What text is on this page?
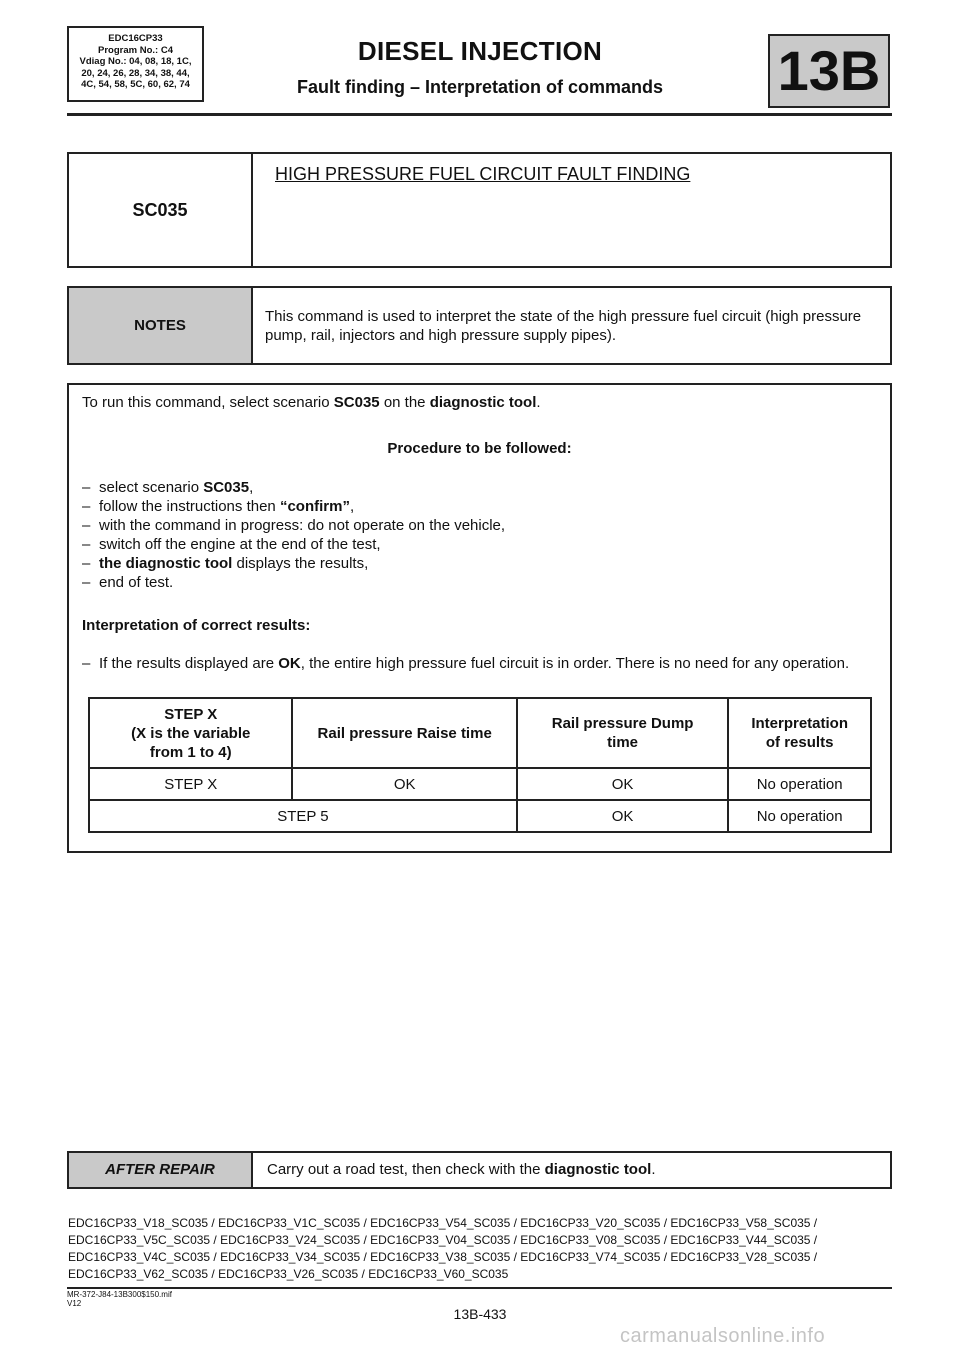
EDC16CP33
Program No.: C4
Vdiag No.: 04, 08, 18, 1C,
20, 24, 26, 28, 34, 38, 44,
4C, 54, 58, 5C, 60, 62, 74
DIESEL INJECTION
Fault finding – Interpretation of commands	13B
SC035
HIGH PRESSURE FUEL CIRCUIT FAULT FINDING
NOTES
This command is used to interpret the state of the high pressure fuel circuit (high pressure pump, rail, injectors and high pressure supply pipes).
To run this command, select scenario SC035 on the diagnostic tool.
Procedure to be followed:
– select scenario SC035,
– follow the instructions then “confirm”,
– with the command in progress: do not operate on the vehicle,
– switch off the engine at the end of the test,
– the diagnostic tool displays the results,
– end of test.
Interpretation of correct results:
– If the results displayed are OK, the entire high pressure fuel circuit is in order. There is no need for any operation.
STEP X
(X is the variable
from 1 to 4)	Rail pressure Raise time	Rail pressure Dump time	Interpretation of results
STEP X	OK	OK	No operation
STEP 5		OK	No operation
AFTER REPAIR	Carry out a road test, then check with the diagnostic tool.
EDC16CP33_V18_SC035 / EDC16CP33_V1C_SC035 / EDC16CP33_V54_SC035 / EDC16CP33_V20_SC035 / EDC16CP33_V58_SC035 / EDC16CP33_V5C_SC035 / EDC16CP33_V24_SC035 / EDC16CP33_V04_SC035 / EDC16CP33_V08_SC035 / EDC16CP33_V44_SC035 / EDC16CP33_V4C_SC035 / EDC16CP33_V34_SC035 / EDC16CP33_V38_SC035 / EDC16CP33_V74_SC035 / EDC16CP33_V28_SC035 / EDC16CP33_V62_SC035 / EDC16CP33_V26_SC035 / EDC16CP33_V60_SC035
MR-372-J84-13B300$150.mif
V12
13B-433
carmanualsonline.info
